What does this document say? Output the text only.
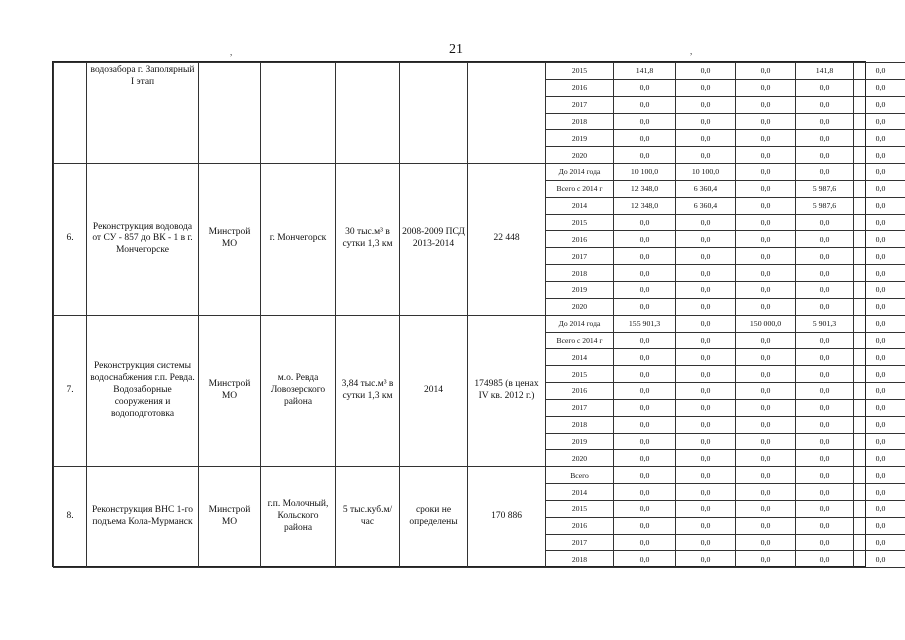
21
,	,
	водозабора г. Заполярный I этап						2015	141,8	0,0	0,0	141,8	0,0
							2016	0,0	0,0	0,0	0,0	0,0
							2017	0,0	0,0	0,0	0,0	0,0
							2018	0,0	0,0	0,0	0,0	0,0
							2019	0,0	0,0	0,0	0,0	0,0
							2020	0,0	0,0	0,0	0,0	0,0
6.	Реконструкция водовода от СУ - 857 до ВК - 1 в г. Мончегорске	Минстрой МО	г. Мончегорск	30 тыс.м³ в сутки 1,3 км	2008-2009 ПСД 2013-2014	22 448	До 2014 года	10 100,0	10 100,0	0,0	0,0	0,0
							Всего с 2014 г	12 348,0	6 360,4	0,0	5 987,6	0,0
							2014	12 348,0	6 360,4	0,0	5 987,6	0,0
							2015	0,0	0,0	0,0	0,0	0,0
							2016	0,0	0,0	0,0	0,0	0,0
							2017	0,0	0,0	0,0	0,0	0,0
							2018	0,0	0,0	0,0	0,0	0,0
							2019	0,0	0,0	0,0	0,0	0,0
							2020	0,0	0,0	0,0	0,0	0,0
7.	Реконструкция системы водоснабжения г.п. Ревда. Водозаборные сооружения и водоподготовка	Минстрой МО	м.о. Ревда Ловозерского района	3,84 тыс.м³ в сутки 1,3 км	2014	174985 (в ценах IV кв. 2012 г.)	До 2014 года	155 901,3	0,0	150 000,0	5 901,3	0,0
							Всего с 2014 г	0,0	0,0	0,0	0,0	0,0
							2014	0,0	0,0	0,0	0,0	0,0
							2015	0,0	0,0	0,0	0,0	0,0
							2016	0,0	0,0	0,0	0,0	0,0
							2017	0,0	0,0	0,0	0,0	0,0
							2018	0,0	0,0	0,0	0,0	0,0
							2019	0,0	0,0	0,0	0,0	0,0
							2020	0,0	0,0	0,0	0,0	0,0
8.	Реконструкция ВНС 1-го подъема Кола-Мурманск	Минстрой МО	г.п. Молочный, Кольского района	5 тыс.куб.м/час	сроки не определены	170 886	Всего	0,0	0,0	0,0	0,0	0,0
							2014	0,0	0,0	0,0	0,0	0,0
							2015	0,0	0,0	0,0	0,0	0,0
							2016	0,0	0,0	0,0	0,0	0,0
							2017	0,0	0,0	0,0	0,0	0,0
							2018	0,0	0,0	0,0	0,0	0,0
